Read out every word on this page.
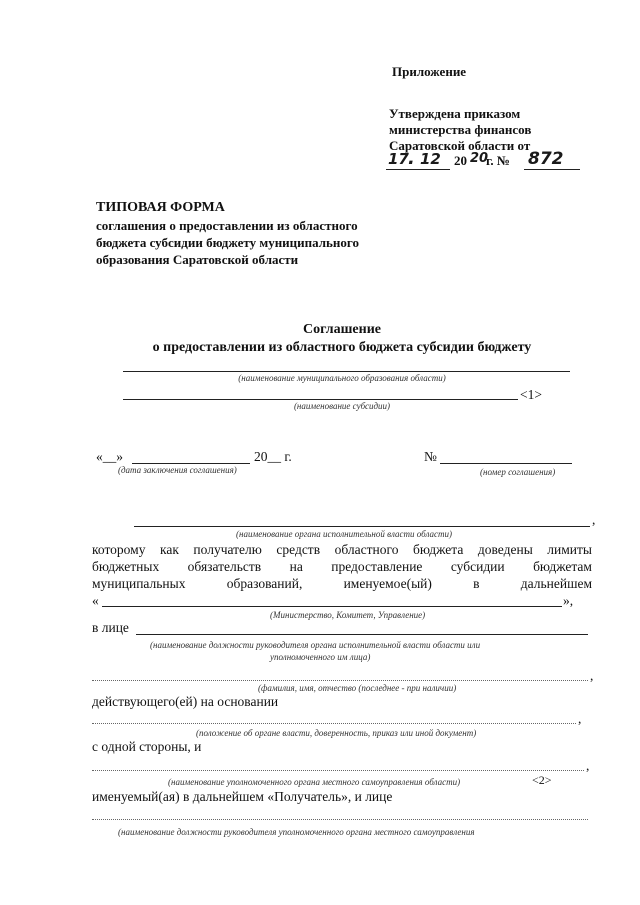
Приложение
Утверждена приказом
министерства финансов
Саратовской области от
17 . 12 20 20
г. № 872
ТИПОВАЯ ФОРМА
соглашения о предоставлении из областного
бюджета субсидии бюджету муниципального
образования Саратовской области
Соглашение
о предоставлении из областного бюджета субсидии бюджету
(наименование муниципального образования области)
<1>
(наименование субсидии)
«__»	20__ г.	№
(дата заключения соглашения)	(номер соглашения)
,
(наименование органа исполнительной власти области)
которому как получателю средств областного бюджета доведены лимиты
бюджетных обязательств на предоставление субсидии бюджетам
муниципальных	образований,	именуемое(ый)	в	дальнейшем
«	»,
(Министерство, Комитет, Управление)
в лице
(наименование должности руководителя органа исполнительной власти области или
уполномоченного им лица)
,
(фамилия, имя, отчество (последнее - при наличии)
действующего(ей) на основании
,
(положение об органе власти, доверенность, приказ или иной документ)
с одной стороны, и
,
(наименование уполномоченного органа местного самоуправления области)	<2>
именуемый(ая) в дальнейшем «Получатель», и лице
(наименование должности руководителя уполномоченного органа местного самоуправления
